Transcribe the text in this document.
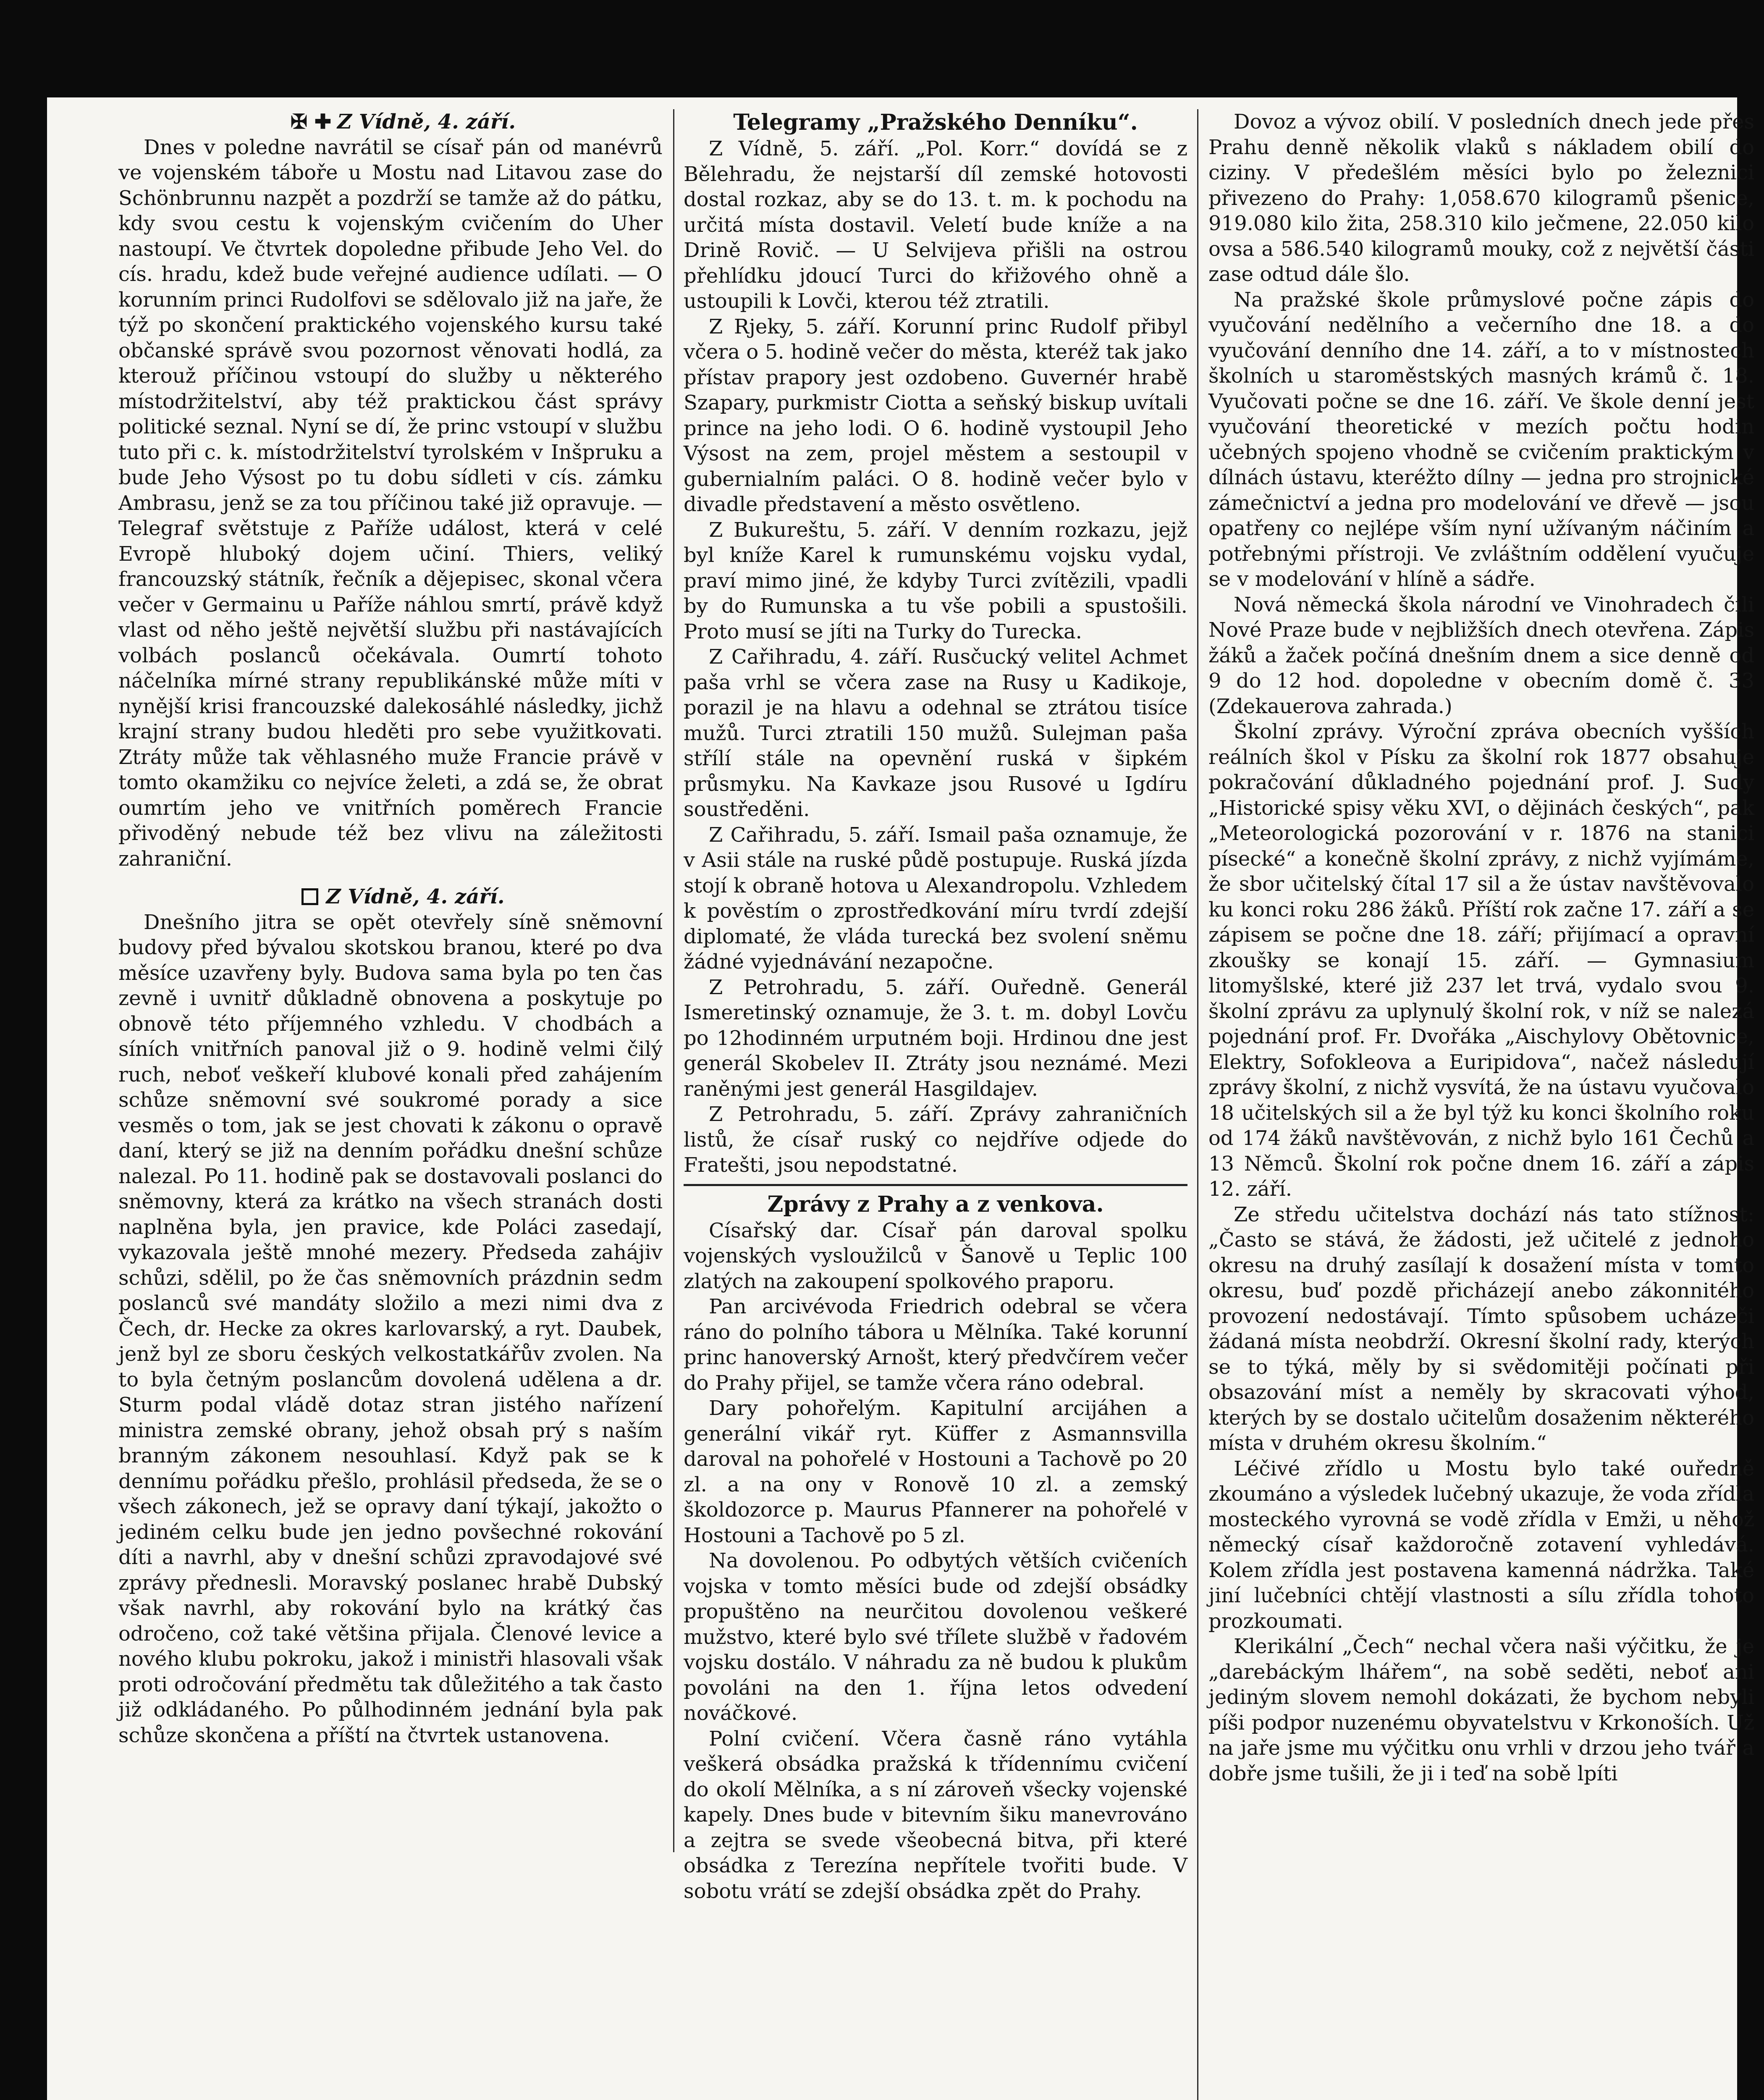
✠ ✚ Z Vídně, 4. září.

Dnes v poledne navrátil se císař pán od manévrů ve vojenském táboře u Mostu nad Litavou zase do Schönbrunnu nazpět a pozdrží se tamže až do pátku, kdy svou cestu k vojenským cvičením do Uher nastoupí. Ve čtvrtek dopoledne přibude Jeho Vel. do cís. hradu, kdež bude veřejné audience udílati. — O korunním princi Rudolfovi se sdělovalo již na jaře, že týž po skončení praktického vojenského kursu také občanské správě svou pozornost věnovati hodlá, za kterouž příčinou vstoupí do služby u některého místodržitelství, aby též praktickou část správy politické seznal. Nyní se dí, že princ vstoupí v službu tuto při c. k. místodržitelství tyrolském v Inšpruku a bude Jeho Výsost po tu dobu sídleti v cís. zámku Ambrasu, jenž se za tou příčinou také již opravuje. — Telegraf světstuje z Paříže událost, která v celé Evropě hluboký dojem učiní. Thiers, veliký francouzský státník, řečník a dějepisec, skonal včera večer v Germainu u Paříže náhlou smrtí, právě když vlast od něho ještě největší službu při nastávajících volbách poslanců očekávala. Oumrtí tohoto náčelníka mírné strany republikánské může míti v nynější krisi francouzské dalekosáhlé následky, jichž krajní strany budou hleděti pro sebe využitkovati. Ztráty může tak věhlasného muže Francie právě v tomto okamžiku co nejvíce želeti, a zdá se, že obrat oumrtím jeho ve vnitřních poměrech Francie přivoděný nebude též bez vlivu na záležitosti zahraniční.

Z Vídně, 4. září.

Dnešního jitra se opět otevřely síně sněmovní budovy před bývalou skotskou branou, které po dva měsíce uzavřeny byly. Budova sama byla po ten čas zevně i uvnitř důkladně obnovena a poskytuje po obnově této příjemného vzhledu. V chodbách a síních vnitřních panoval již o 9. hodině velmi čilý ruch, neboť veškeří klubové konali před zahájením schůze sněmovní své soukromé porady a sice vesměs o tom, jak se jest chovati k zákonu o opravě daní, který se již na denním pořádku dnešní schůze nalezal. Po 11. hodině pak se dostavovali poslanci do sněmovny, která za krátko na všech stranách dosti naplněna byla, jen pravice, kde Poláci zasedají, vykazovala ještě mnohé mezery. Předseda zahájiv schůzi, sdělil, po že čas sněmovních prázdnin sedm poslanců své mandáty složilo a mezi nimi dva z Čech, dr. Hecke za okres karlovarský, a ryt. Daubek, jenž byl ze sboru českých velkostatkářův zvolen. Na to byla četným poslancům dovolená udělena a dr. Sturm podal vládě dotaz stran jistého nařízení ministra zemské obrany, jehož obsah prý s naším branným zákonem nesouhlasí. Když pak se k dennímu pořádku přešlo, prohlásil předseda, že se o všech zákonech, jež se opravy daní týkají, jakožto o jediném celku bude jen jedno povšechné rokování díti a navrhl, aby v dnešní schůzi zpravodajové své zprávy přednesli. Moravský poslanec hrabě Dubský však navrhl, aby rokování bylo na krátký čas odročeno, což také většina přijala. Členové levice a nového klubu pokroku, jakož i ministři hlasovali však proti odročování předmětu tak důležitého a tak často již odkládaného. Po půlhodinném jednání byla pak schůze skončena a příští na čtvrtek ustanovena.

Telegramy „Pražského Denníku“.

Z Vídně, 5. září. „Pol. Korr.“ dovídá se z Bělehradu, že nejstarší díl zemské hotovosti dostal rozkaz, aby se do 13. t. m. k pochodu na určitá místa dostavil. Veletí bude kníže a na Drině Rovič. — U Selvijeva přišli na ostrou přehlídku jdoucí Turci do křižového ohně a ustoupili k Lovči, kterou též ztratili.

Z Rjeky, 5. září. Korunní princ Rudolf přibyl včera o 5. hodině večer do města, kteréž tak jako přístav prapory jest ozdobeno. Guvernér hrabě Szapary, purkmistr Ciotta a seňský biskup uvítali prince na jeho lodi. O 6. hodině vystoupil Jeho Výsost na zem, projel městem a sestoupil v gubernialním paláci. O 8. hodině večer bylo v divadle představení a město osvětleno.

Z Bukureštu, 5. září. V denním rozkazu, jejž byl kníže Karel k rumunskému vojsku vydal, praví mimo jiné, že kdyby Turci zvítězili, vpadli by do Rumunska a tu vše pobili a spustošili. Proto musí se jíti na Turky do Turecka.

Z Cařihradu, 4. září. Rusčucký velitel Achmet paša vrhl se včera zase na Rusy u Kadikoje, porazil je na hlavu a odehnal se ztrátou tisíce mužů. Turci ztratili 150 mužů. Sulejman paša střílí stále na opevnění ruská v šipkém průsmyku. Na Kavkaze jsou Rusové u Igdíru soustředěni.

Z Cařihradu, 5. září. Ismail paša oznamuje, že v Asii stále na ruské půdě postupuje. Ruská jízda stojí k obraně hotova u Alexandropolu. Vzhledem k pověstím o zprostředkování míru tvrdí zdejší diplomaté, že vláda turecká bez svolení sněmu žádné vyjednávání nezapočne.

Z Petrohradu, 5. září. Ouředně. Generál Ismeretinský oznamuje, že 3. t. m. dobyl Lovču po 12hodinném urputném boji. Hrdinou dne jest generál Skobelev II. Ztráty jsou neznámé. Mezi raněnými jest generál Hasgildajev.

Z Petrohradu, 5. září. Zprávy zahraničních listů, že císař ruský co nejdříve odjede do Fratešti, jsou nepodstatné.

Zprávy z Prahy a z venkova.

Císařský dar. Císař pán daroval spolku vojenských vysloužilců v Šanově u Teplic 100 zlatých na zakoupení spolkového praporu.

Pan arcivévoda Friedrich odebral se včera ráno do polního tábora u Mělníka. Také korunní princ hanoverský Arnošt, který předvčírem večer do Prahy přijel, se tamže včera ráno odebral.

Dary pohořelým. Kapitulní arcijáhen a generální vikář ryt. Küffer z Asmannsvilla daroval na pohořelé v Hostouni a Tachově po 20 zl. a na ony v Ronově 10 zl. a zemský školdozorce p. Maurus Pfannerer na pohořelé v Hostouni a Tachově po 5 zl.

Na dovolenou. Po odbytých větších cvičeních vojska v tomto měsíci bude od zdejší obsádky propuštěno na neurčitou dovolenou veškeré mužstvo, které bylo své třílete službě v řadovém vojsku dostálo. V náhradu za ně budou k plukům povoláni na den 1. října letos odvedení nováčkové.

Polní cvičení. Včera časně ráno vytáhla veškerá obsádka pražská k třídennímu cvičení do okolí Mělníka, a s ní zároveň všecky vojenské kapely. Dnes bude v bitevním šiku manevrováno a zejtra se svede všeobecná bitva, při které obsádka z Terezína nepřítele tvořiti bude. V sobotu vrátí se zdejší obsádka zpět do Prahy.

Dovoz a vývoz obilí. V posledních dnech jede přes Prahu denně několik vlaků s nákladem obilí do ciziny. V předešlém měsíci bylo po železnici přivezeno do Prahy: 1,058.670 kilogramů pšenice, 919.080 kilo žita, 258.310 kilo ječmene, 22.050 kilo ovsa a 586.540 kilogramů mouky, což z největší části zase odtud dále šlo.

Na pražské škole průmyslové počne zápis do vyučování nedělního a večerního dne 18. a do vyučování denního dne 14. září, a to v místnostech školních u staroměstských masných krámů č. 18. Vyučovati počne se dne 16. září. Ve škole denní jest vyučování theoretické v mezích počtu hodin učebných spojeno vhodně se cvičením praktickým v dílnách ústavu, kteréžto dílny — jedna pro strojnické zámečnictví a jedna pro modelování ve dřevě — jsou opatřeny co nejlépe vším nyní užívaným náčiním a potřebnými přístroji. Ve zvláštním oddělení vyučuje se v modelování v hlíně a sádře.

Nová německá škola národní ve Vinohradech čili Nové Praze bude v nejbližších dnech otevřena. Zápis žáků a žaček počíná dnešním dnem a sice denně od 9 do 12 hod. dopoledne v obecním domě č. 33 (Zdekauerova zahrada.)

Školní zprávy. Výroční zpráva obecních vyšších reálních škol v Písku za školní rok 1877 obsahuje pokračování důkladného pojednání prof. J. Sudy „Historické spisy věku XVI, o dějinách českých“, pak „Meteorologická pozorování v r. 1876 na stanici písecké“ a konečně školní zprávy, z nichž vyjímáme, že sbor učitelský čítal 17 sil a že ústav navštěvovalo ku konci roku 286 žáků. Příští rok začne 17. září a se zápisem se počne dne 18. září; přijímací a opravní zkoušky se konají 15. září. — Gymnasium litomyšlské, které již 237 let trvá, vydalo svou 9. školní zprávu za uplynulý školní rok, v níž se nalezá pojednání prof. Fr. Dvořáka „Aischylovy Obětovnice, Elektry, Sofokleova a Euripidova“, načež následují zprávy školní, z nichž vysvítá, že na ústavu vyučovalo 18 učitelských sil a že byl týž ku konci školního roku od 174 žáků navštěvován, z nichž bylo 161 Čechů a 13 Němců. Školní rok počne dnem 16. září a zápis 12. září.

Ze středu učitelstva dochází nás tato stížnost: „Často se stává, že žádosti, jež učitelé z jednoho okresu na druhý zasílají k dosažení místa v tomto okresu, buď pozdě přicházejí anebo zákonnitého provození nedostávají. Tímto spůsobem ucházeči žádaná místa neobdrží. Okresní školní rady, kterých se to týká, měly by si svědomitěji počínati při obsazování míst a neměly by skracovati výhod, kterých by se dostalo učitelům dosaženim některého místa v druhém okresu školním.“

Léčivé zřídlo u Mostu bylo také ouředně zkoumáno a výsledek lučebný ukazuje, že voda zřídla mosteckého vyrovná se vodě zřídla v Emži, u něhož německý císař každoročně zotavení vyhledává. Kolem zřídla jest postavena kamenná nádržka. Také jiní lučebníci chtějí vlastnosti a sílu zřídla tohoto prozkoumati.

Klerikální „Čech“ nechal včera naši výčitku, že je „darebáckým lhářem“, na sobě seděti, neboť ani jediným slovem nemohl dokázati, že bychom nebyli píši podpor nuzenému obyvatelstvu v Krkonoších. Už na jaře jsme mu výčitku onu vrhli v drzou jeho tvář a dobře jsme tušili, že ji i teď na sobě lpíti
